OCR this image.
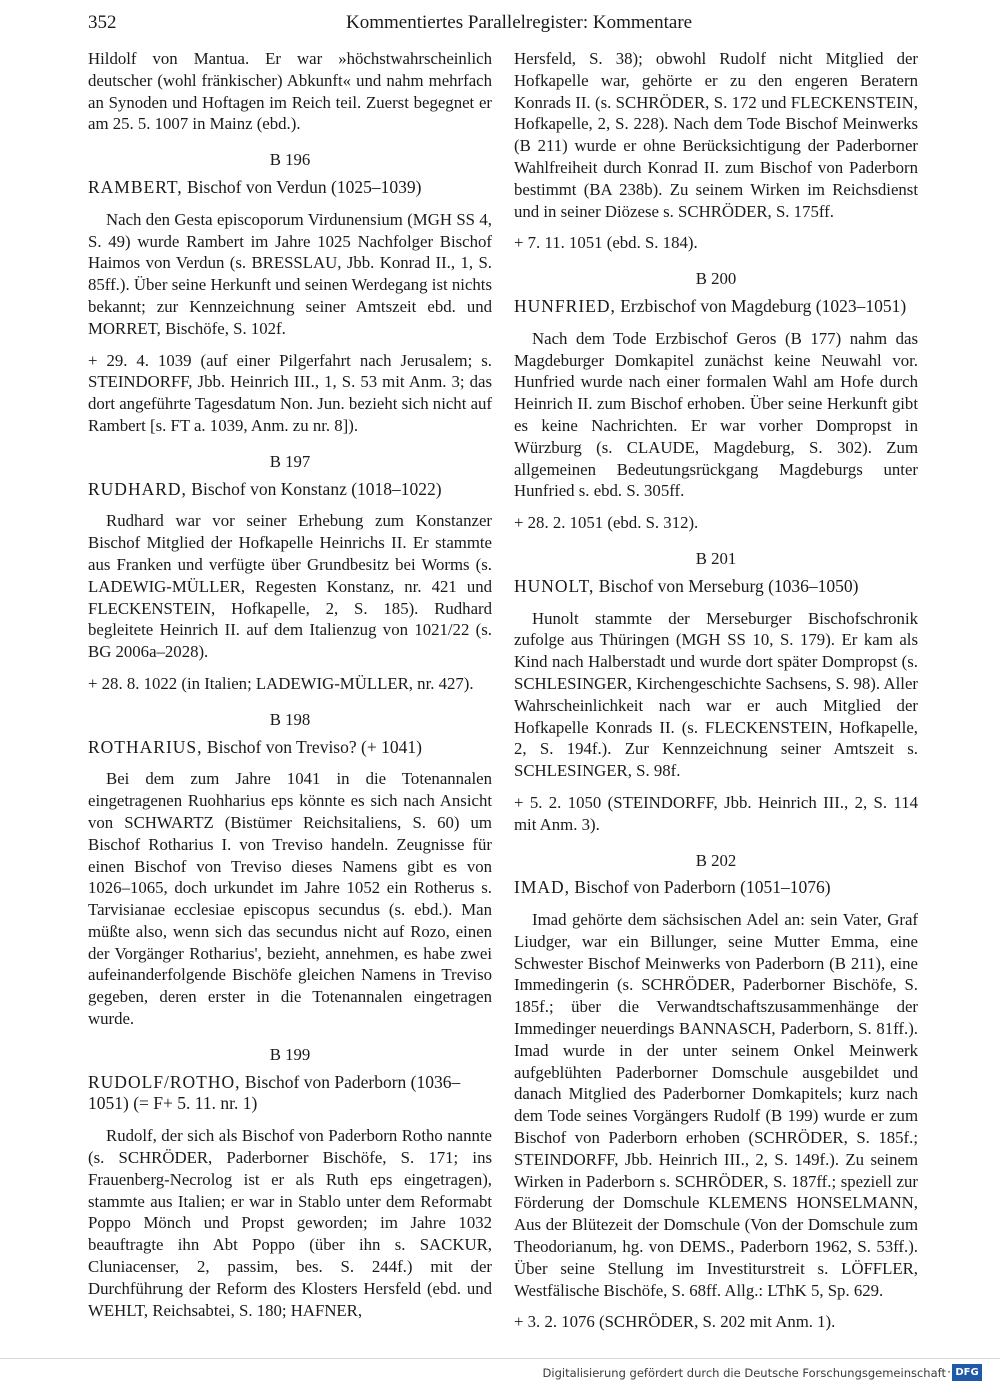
352	Kommentiertes Parallelregister: Kommentare

Hildolf von Mantua. Er war »höchstwahrscheinlich deutscher (wohl fränkischer) Abkunft« und nahm mehrfach an Synoden und Hoftagen im Reich teil. Zuerst begegnet er am 25. 5. 1007 in Mainz (ebd.).

B 196

RAMBERT, Bischof von Verdun (1025–1039)

Nach den Gesta episcoporum Virdunensium (MGH SS 4, S. 49) wurde Rambert im Jahre 1025 Nachfolger Bischof Haimos von Verdun (s. BRESSLAU, Jbb. Konrad II., 1, S. 85ff.). Über seine Herkunft und seinen Werdegang ist nichts bekannt; zur Kennzeichnung seiner Amtszeit ebd. und MORRET, Bischöfe, S. 102f.

+ 29. 4. 1039 (auf einer Pilgerfahrt nach Jerusalem; s. STEINDORFF, Jbb. Heinrich III., 1, S. 53 mit Anm. 3; das dort angeführte Tagesdatum Non. Jun. bezieht sich nicht auf Rambert [s. FT a. 1039, Anm. zu nr. 8]).

B 197

RUDHARD, Bischof von Konstanz (1018–1022)

Rudhard war vor seiner Erhebung zum Konstanzer Bischof Mitglied der Hofkapelle Heinrichs II. Er stammte aus Franken und verfügte über Grundbesitz bei Worms (s. LADEWIG-MÜLLER, Regesten Konstanz, nr. 421 und FLECKENSTEIN, Hofkapelle, 2, S. 185). Rudhard begleitete Heinrich II. auf dem Italienzug von 1021/22 (s. BG 2006a–2028).

+ 28. 8. 1022 (in Italien; LADEWIG-MÜLLER, nr. 427).

B 198

ROTHARIUS, Bischof von Treviso? (+ 1041)

Bei dem zum Jahre 1041 in die Totenannalen eingetragenen Ruohharius eps könnte es sich nach Ansicht von SCHWARTZ (Bistümer Reichsitaliens, S. 60) um Bischof Rotharius I. von Treviso handeln. Zeugnisse für einen Bischof von Treviso dieses Namens gibt es von 1026–1065, doch urkundet im Jahre 1052 ein Rotherus s. Tarvisianae ecclesiae episcopus secundus (s. ebd.). Man müßte also, wenn sich das secundus nicht auf Rozo, einen der Vorgänger Rotharius', bezieht, annehmen, es habe zwei aufeinanderfolgende Bischöfe gleichen Namens in Treviso gegeben, deren erster in die Totenannalen eingetragen wurde.

B 199

RUDOLF/ROTHO, Bischof von Paderborn (1036–1051) (= F+ 5. 11. nr. 1)

Rudolf, der sich als Bischof von Paderborn Rotho nannte (s. SCHRÖDER, Paderborner Bischöfe, S. 171; ins Frauenberg-Necrolog ist er als Ruth eps eingetragen), stammte aus Italien; er war in Stablo unter dem Reformabt Poppo Mönch und Propst geworden; im Jahre 1032 beauftragte ihn Abt Poppo (über ihn s. SACKUR, Cluniacenser, 2, passim, bes. S. 244f.) mit der Durchführung der Reform des Klosters Hersfeld (ebd. und WEHLT, Reichsabtei, S. 180; HAFNER,

Hersfeld, S. 38); obwohl Rudolf nicht Mitglied der Hofkapelle war, gehörte er zu den engeren Beratern Konrads II. (s. SCHRÖDER, S. 172 und FLECKENSTEIN, Hofkapelle, 2, S. 228). Nach dem Tode Bischof Meinwerks (B 211) wurde er ohne Berücksichtigung der Paderborner Wahlfreiheit durch Konrad II. zum Bischof von Paderborn bestimmt (BA 238b). Zu seinem Wirken im Reichsdienst und in seiner Diözese s. SCHRÖDER, S. 175ff.

+ 7. 11. 1051 (ebd. S. 184).

B 200

HUNFRIED, Erzbischof von Magdeburg (1023–1051)

Nach dem Tode Erzbischof Geros (B 177) nahm das Magdeburger Domkapitel zunächst keine Neuwahl vor. Hunfried wurde nach einer formalen Wahl am Hofe durch Heinrich II. zum Bischof erhoben. Über seine Herkunft gibt es keine Nachrichten. Er war vorher Dompropst in Würzburg (s. CLAUDE, Magdeburg, S. 302). Zum allgemeinen Bedeutungsrückgang Magdeburgs unter Hunfried s. ebd. S. 305ff.

+ 28. 2. 1051 (ebd. S. 312).

B 201

HUNOLT, Bischof von Merseburg (1036–1050)

Hunolt stammte der Merseburger Bischofschronik zufolge aus Thüringen (MGH SS 10, S. 179). Er kam als Kind nach Halberstadt und wurde dort später Dompropst (s. SCHLESINGER, Kirchengeschichte Sachsens, S. 98). Aller Wahrscheinlichkeit nach war er auch Mitglied der Hofkapelle Konrads II. (s. FLECKENSTEIN, Hofkapelle, 2, S. 194f.). Zur Kennzeichnung seiner Amtszeit s. SCHLESINGER, S. 98f.

+ 5. 2. 1050 (STEINDORFF, Jbb. Heinrich III., 2, S. 114 mit Anm. 3).

B 202

IMAD, Bischof von Paderborn (1051–1076)

Imad gehörte dem sächsischen Adel an: sein Vater, Graf Liudger, war ein Billunger, seine Mutter Emma, eine Schwester Bischof Meinwerks von Paderborn (B 211), eine Immedingerin (s. SCHRÖDER, Paderborner Bischöfe, S. 185f.; über die Verwandtschaftszusammenhänge der Immedinger neuerdings BANNASCH, Paderborn, S. 81ff.). Imad wurde in der unter seinem Onkel Meinwerk aufgeblühten Paderborner Domschule ausgebildet und danach Mitglied des Paderborner Domkapitels; kurz nach dem Tode seines Vorgängers Rudolf (B 199) wurde er zum Bischof von Paderborn erhoben (SCHRÖDER, S. 185f.; STEINDORFF, Jbb. Heinrich III., 2, S. 149f.). Zu seinem Wirken in Paderborn s. SCHRÖDER, S. 187ff.; speziell zur Förderung der Domschule KLEMENS HONSELMANN, Aus der Blütezeit der Domschule (Von der Domschule zum Theodorianum, hg. von DEMS., Paderborn 1962, S. 53ff.). Über seine Stellung im Investiturstreit s. LÖFFLER, Westfälische Bischöfe, S. 68ff. Allg.: LThK 5, Sp. 629.

+ 3. 2. 1076 (SCHRÖDER, S. 202 mit Anm. 1).

Digitalisierung gefördert durch die Deutsche Forschungsgemeinschaft · DFG
